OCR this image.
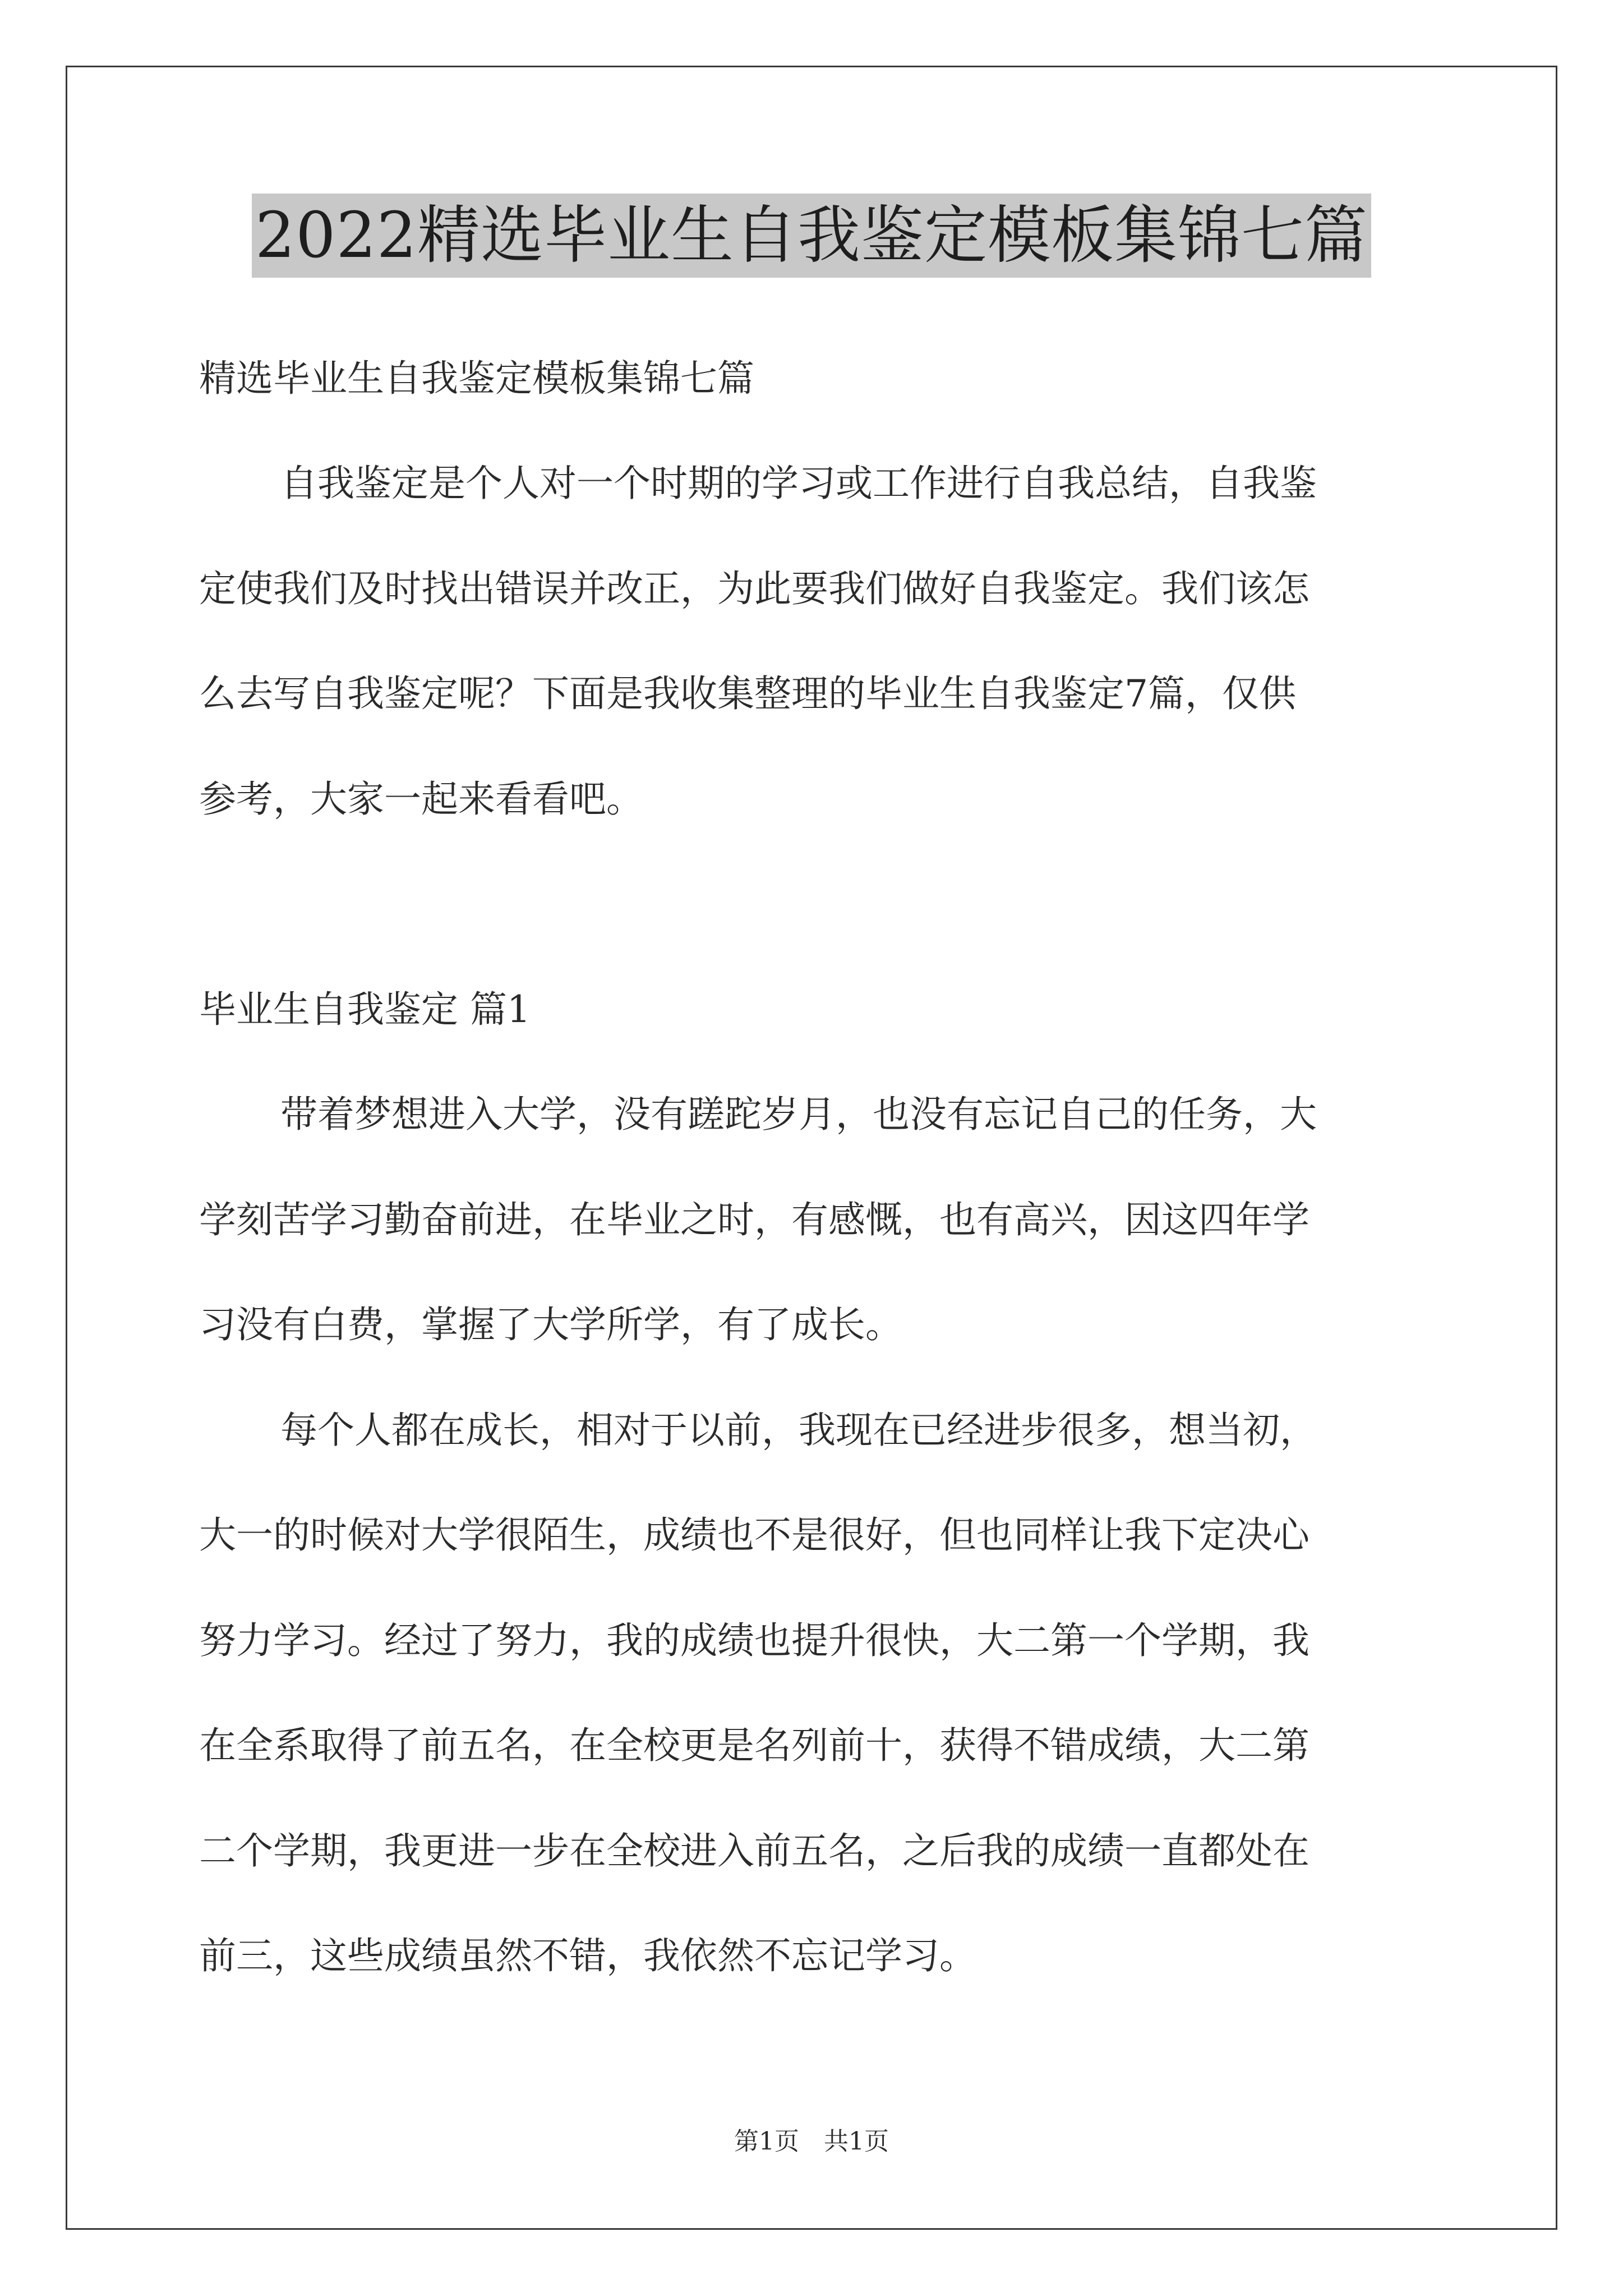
2022精选毕业生自我鉴定模板集锦七篇
精选毕业生自我鉴定模板集锦七篇
自我鉴定是个人对一个时期的学习或工作进行自我总结，自我鉴
定使我们及时找出错误并改正，为此要我们做好自我鉴定。我们该怎
么去写自我鉴定呢？下面是我收集整理的毕业生自我鉴定7篇，仅供
参考，大家一起来看看吧。
毕业生自我鉴定 篇1
带着梦想进入大学，没有蹉跎岁月，也没有忘记自己的任务，大
学刻苦学习勤奋前进，在毕业之时，有感慨，也有高兴，因这四年学
习没有白费，掌握了大学所学，有了成长。
每个人都在成长，相对于以前，我现在已经进步很多，想当初，
大一的时候对大学很陌生，成绩也不是很好，但也同样让我下定决心
努力学习。经过了努力，我的成绩也提升很快，大二第一个学期，我
在全系取得了前五名，在全校更是名列前十，获得不错成绩，大二第
二个学期，我更进一步在全校进入前五名，之后我的成绩一直都处在
前三，这些成绩虽然不错，我依然不忘记学习。
第1页　共1页
